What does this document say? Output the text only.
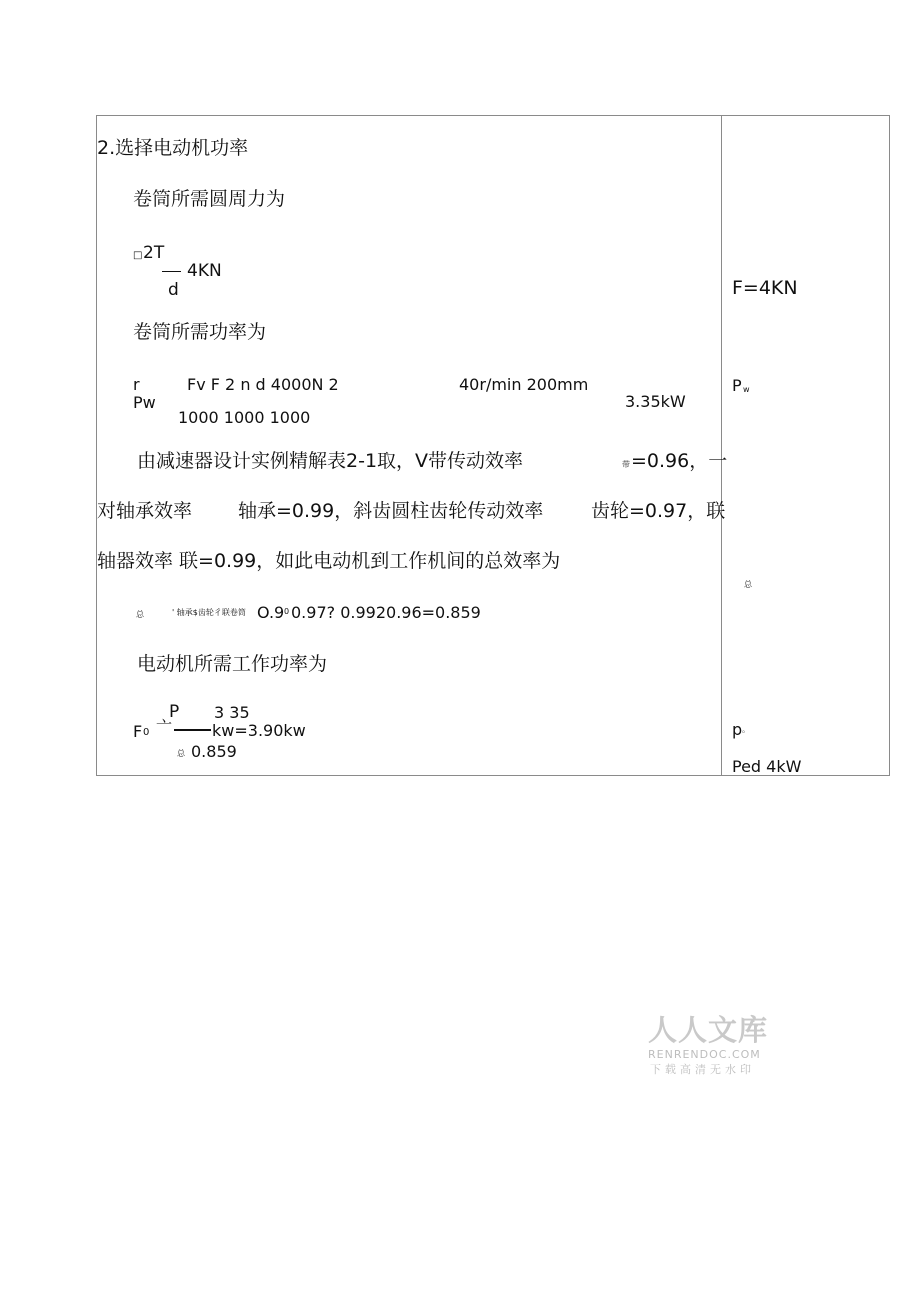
2.选择电动机功率
卷筒所需圆周力为
□ 2T
4KN
d
卷筒所需功率为
r	Fv F 2 n d 4000N 2	40r/min 200mm
Pw	3.35kW
1000 1000 1000
由减速器设计实例精解表2-1取，V带传动效率	带 =0.96，一
对轴承效率 轴承=0.99，斜齿圆柱齿轮传动效率	齿轮=0.97，联
轴器效率 联=0.99，如此电动机到工作机间的总效率为
总	' 轴承$齿轮彳联卷筒 O.9 0 0.97? 0.9920.96=0.859
电动机所需工作功率为
P 3 35
F 0 亠 kw=3.90kw
总 0.859
F=4KN
P w
总
p 。
Ped 4kW
人人文库
RENRENDOC.COM
下载高清无水印
